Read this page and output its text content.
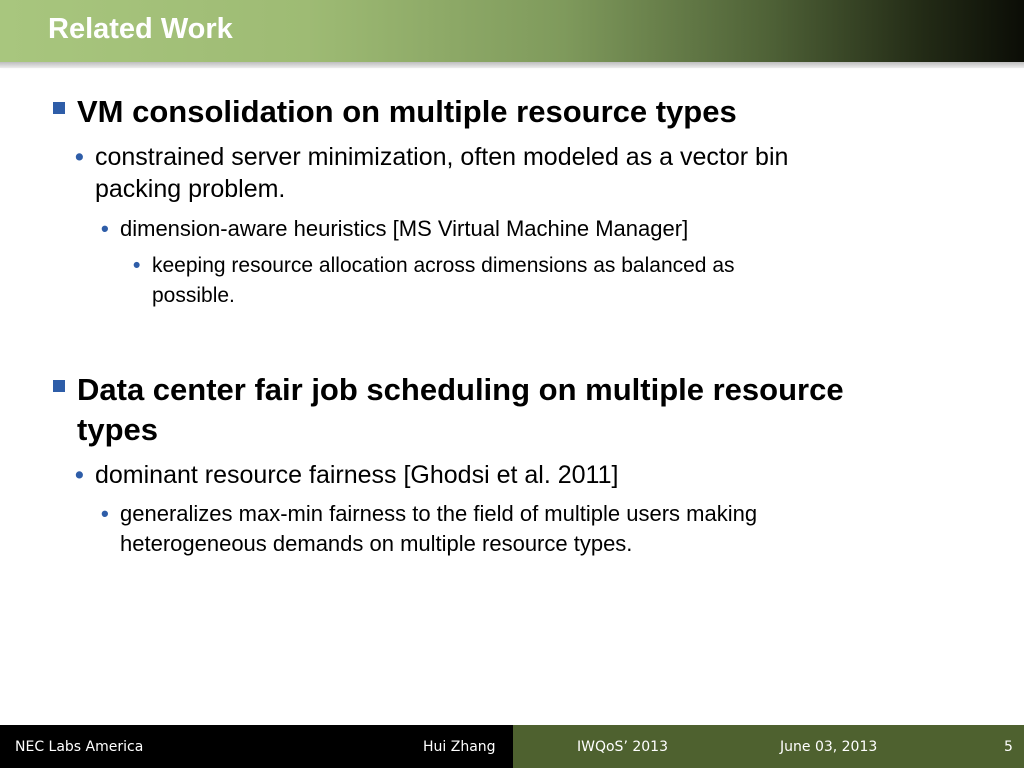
Related Work
VM consolidation on multiple resource types
• constrained server minimization, often modeled as a vector bin
packing problem.
• dimension-aware heuristics [MS Virtual Machine Manager]
• keeping resource allocation across dimensions as balanced as
possible.
Data center fair job scheduling on multiple resource
types
• dominant resource fairness [Ghodsi et al. 2011]
• generalizes max-min fairness to the field of multiple users making
heterogeneous demands on multiple resource types.
NEC Labs America	Hui Zhang	IWQoS’ 2013	June 03, 2013	5
